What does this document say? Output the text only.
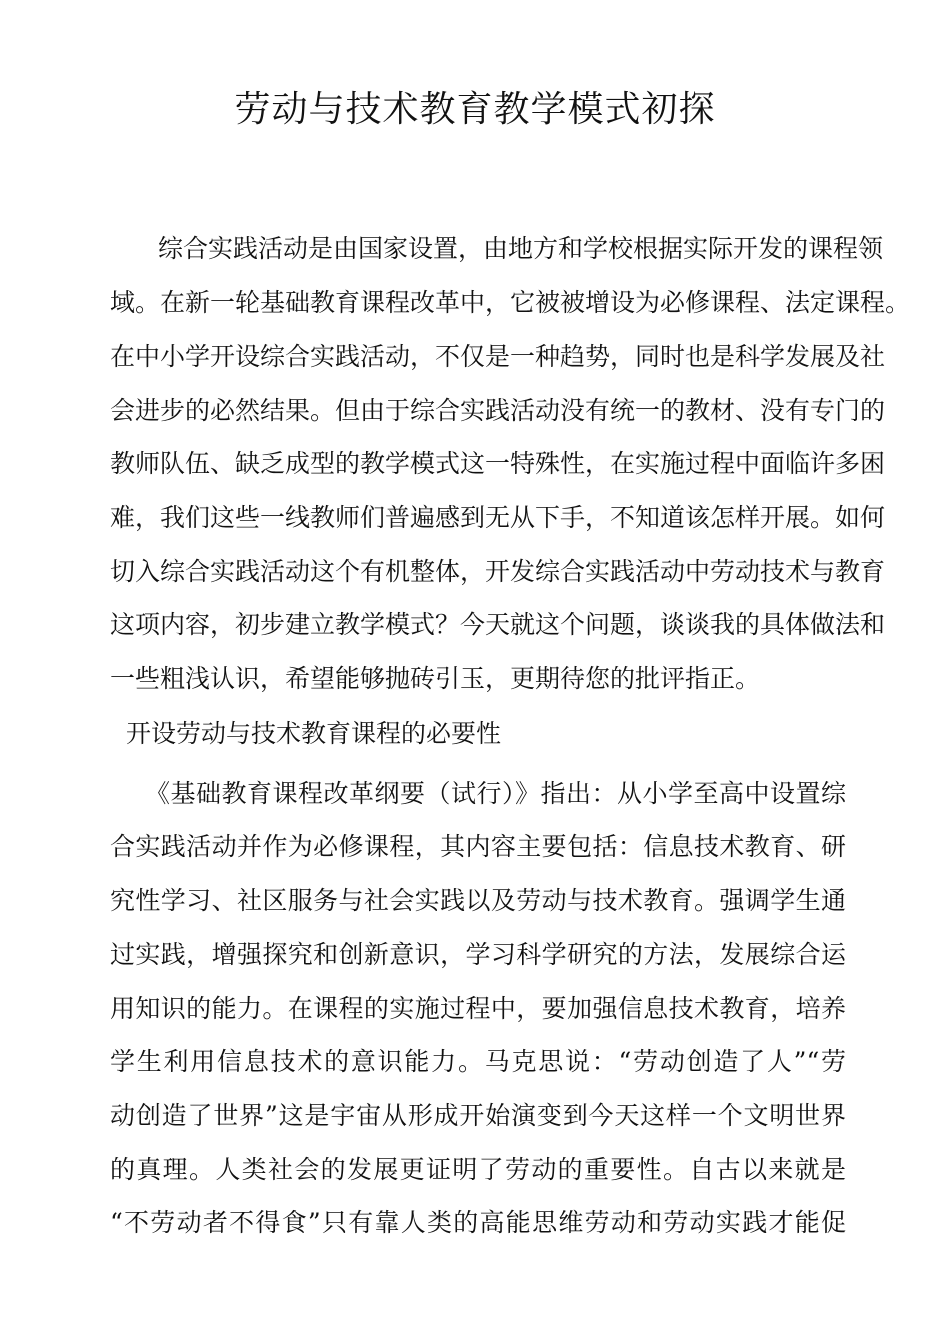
劳动与技术教育教学模式初探

综合实践活动是由国家设置，由地方和学校根据实际开发的课程领

域。在新一轮基础教育课程改革中，它被被增设为必修课程、法定课程。

在中小学开设综合实践活动，不仅是一种趋势，同时也是科学发展及社

会进步的必然结果。但由于综合实践活动没有统一的教材、没有专门的

教师队伍、缺乏成型的教学模式这一特殊性，在实施过程中面临许多困

难，我们这些一线教师们普遍感到无从下手，不知道该怎样开展。如何

切入综合实践活动这个有机整体，开发综合实践活动中劳动技术与教育

这项内容，初步建立教学模式？今天就这个问题，谈谈我的具体做法和

一些粗浅认识，希望能够抛砖引玉，更期待您的批评指正。

开设劳动与技术教育课程的必要性

《基础教育课程改革纲要（试行）》指出：从小学至高中设置综

合实践活动并作为必修课程，其内容主要包括：信息技术教育、研

究性学习、社区服务与社会实践以及劳动与技术教育。强调学生通

过实践，增强探究和创新意识，学习科学研究的方法，发展综合运

用知识的能力。在课程的实施过程中，要加强信息技术教育，培养

学生利用信息技术的意识能力。马克思说：“劳动创造了人”“劳

动创造了世界”这是宇宙从形成开始演变到今天这样一个文明世界

的真理。人类社会的发展更证明了劳动的重要性。自古以来就是

“不劳动者不得食”只有靠人类的高能思维劳动和劳动实践才能促
